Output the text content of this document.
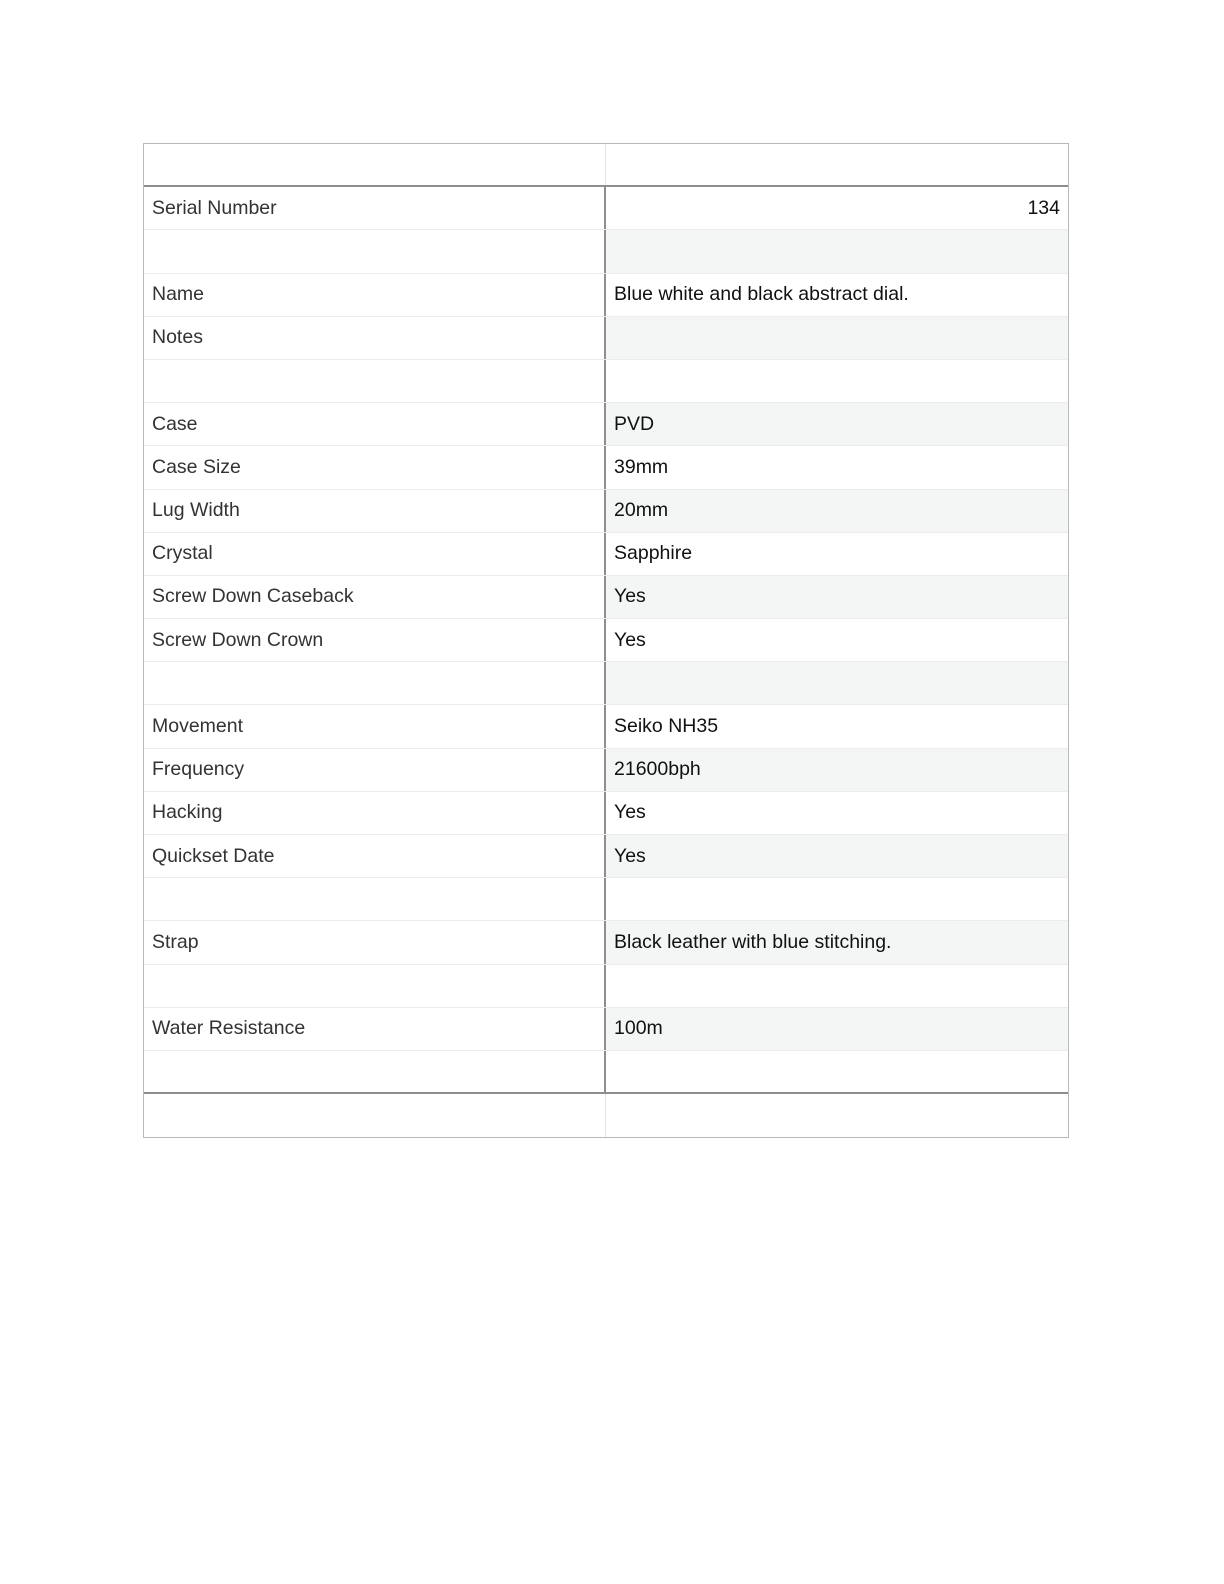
Serial Number	134
Name	Blue white and black abstract dial.
Notes
Case	PVD
Case Size	39mm
Lug Width	20mm
Crystal	Sapphire
Screw Down Caseback	Yes
Screw Down Crown	Yes
Movement	Seiko NH35
Frequency	21600bph
Hacking	Yes
Quickset Date	Yes
Strap	Black leather with blue stitching.
Water Resistance	100m
